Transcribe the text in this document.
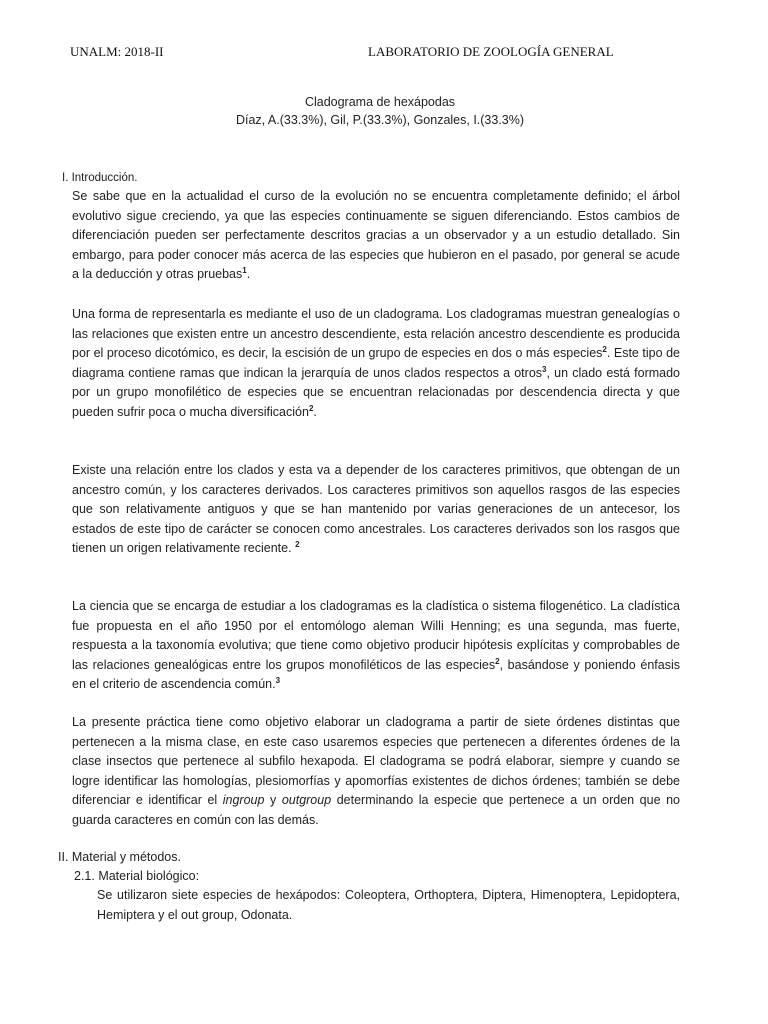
UNALM: 2018-II	LABORATORIO DE ZOOLOGÍA GENERAL
Cladograma de hexápodas
Díaz, A.(33.3%), Gil, P.(33.3%), Gonzales, I.(33.3%)
I. Introducción.

Se sabe que en la actualidad el curso de la evolución no se encuentra completamente definido; el árbol evolutivo sigue creciendo, ya que las especies continuamente se siguen diferenciando. Estos cambios de diferenciación pueden ser perfectamente descritos gracias a un observador y a un estudio detallado. Sin embargo, para poder conocer más acerca de las especies que hubieron en el pasado, por general se acude a la deducción y otras pruebas$^1$.

Una forma de representarla es mediante el uso de un cladograma. Los cladogramas muestran genealogías o las relaciones que existen entre un ancestro descendiente, esta relación ancestro descendiente es producida por el proceso dicotómico, es decir, la escisión de un grupo de especies en dos o más especies$^2$. Este tipo de diagrama contiene ramas que indican la jerarquía de unos clados respectos a otros$^3$, un clado está formado por un grupo monofilético de especies que se encuentran relacionadas por descendencia directa y que pueden sufrir poca o mucha diversificación$^2$.

Existe una relación entre los clados y esta va a depender de los caracteres primitivos, que obtengan de un ancestro común, y los caracteres derivados. Los caracteres primitivos son aquellos rasgos de las especies que son relativamente antiguos y que se han mantenido por varias generaciones de un antecesor, los estados de este tipo de carácter se conocen como ancestrales. Los caracteres derivados son los rasgos que tienen un origen relativamente reciente. $^2$

La ciencia que se encarga de estudiar a los cladogramas es la cladística o sistema filogenético. La cladística fue propuesta en el año 1950 por el entomólogo aleman Willi Henning; es una segunda, mas fuerte, respuesta a la taxonomía evolutiva; que tiene como objetivo producir hipótesis explícitas y comprobables de las relaciones genealógicas entre los grupos monofiléticos de las especies$^2$, basándose y poniendo énfasis en el criterio de ascendencia común.$^3$

La presente práctica tiene como objetivo elaborar un cladograma a partir de siete órdenes distintas que pertenecen a la misma clase, en este caso usaremos especies que pertenecen a diferentes órdenes de la clase insectos que pertenece al subfilo hexapoda. El cladograma se podrá elaborar, siempre y cuando se logre identificar las homologías, plesiomorfías y apomorfías existentes de dichos órdenes; también se debe diferenciar e identificar el ingroup y outgroup determinando la especie que pertenece a un orden que no guarda caracteres en común con las demás.

II. Material y métodos.
2.1. Material biológico:

Se utilizaron siete especies de hexápodos: Coleoptera, Orthoptera, Diptera, Himenoptera, Lepidoptera, Hemiptera y el out group, Odonata.
